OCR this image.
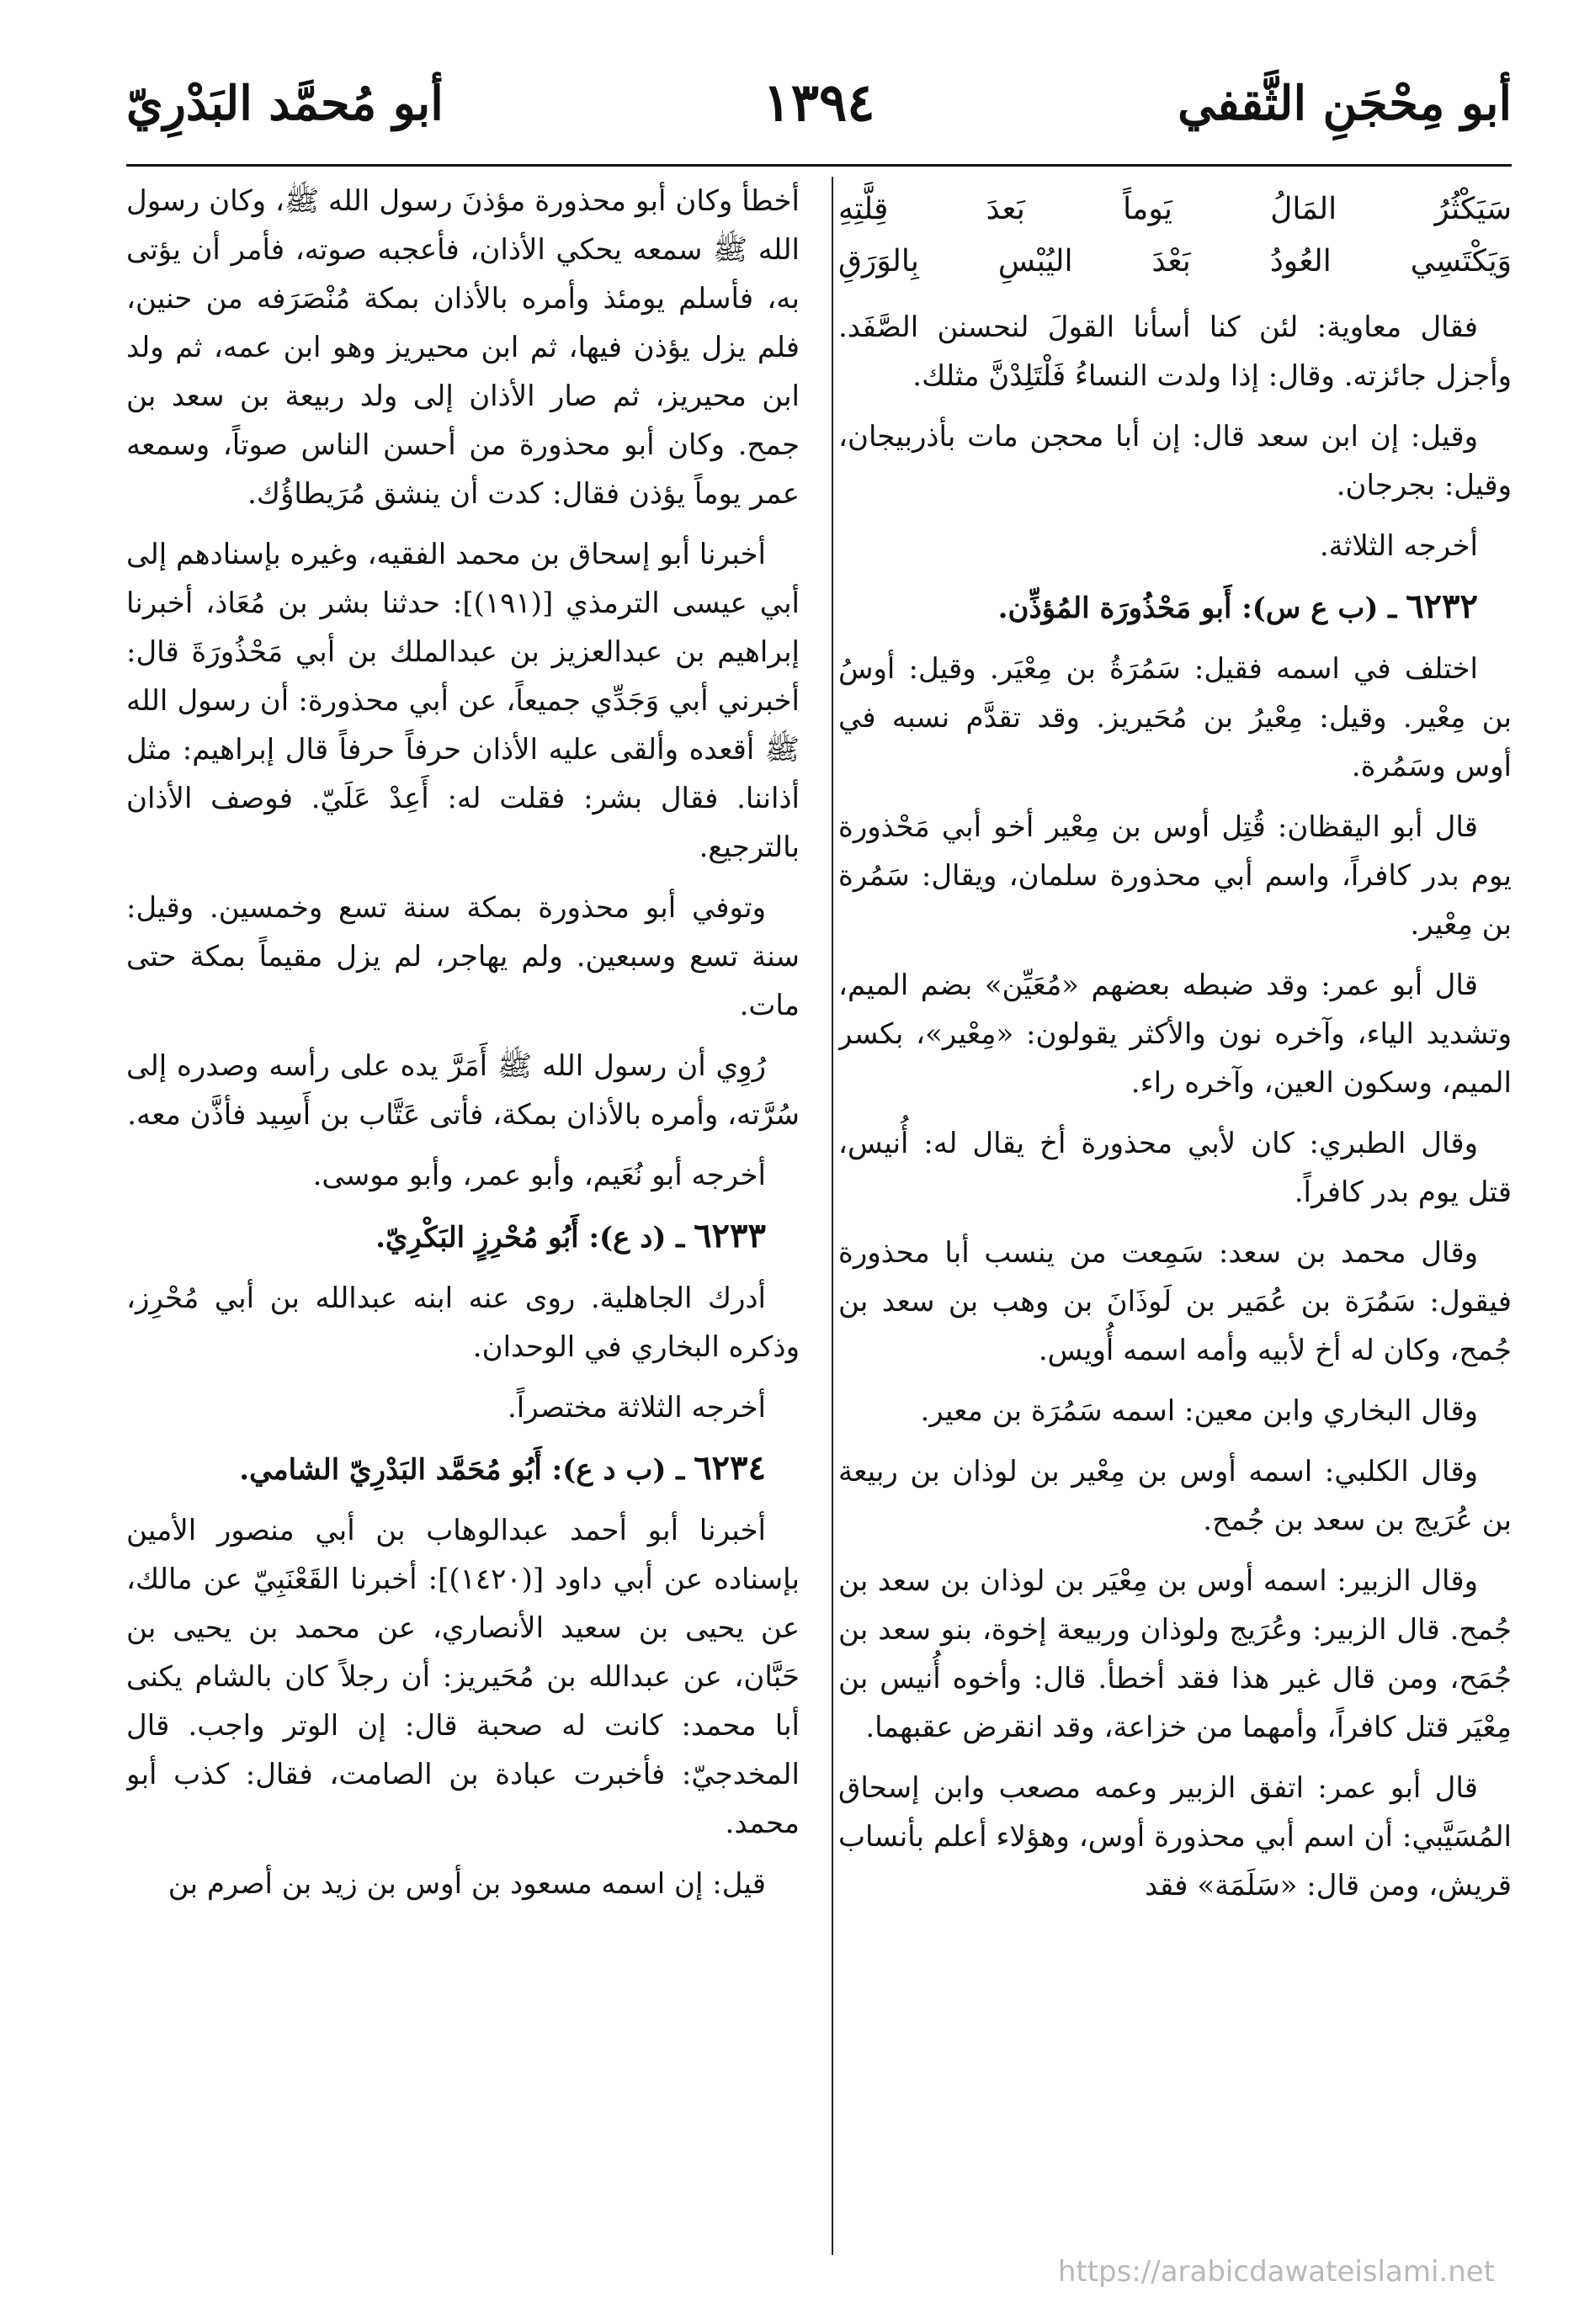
أبو مِحْجَنِ الثَّقفي
١٣٩٤
أبو مُحمَّد البَدْرِيّ
سَيَكْثُرُ المَالُ يَوماً بَعدَ قِلَّتِهِ
وَيَكْتَسِي العُودُ بَعْدَ اليُبْسِ بِالوَرَقِ

فقال معاوية: لئن كنا أسأنا القولَ لنحسنن الصَّفَد. وأجزل جائزته. وقال: إذا ولدت النساءُ فَلْتَلِدْنَّ مثلك.

وقيل: إن ابن سعد قال: إن أبا محجن مات بأذربيجان، وقيل: بجرجان.

أخرجه الثلاثة.

٦٢٣٢ ـ (ب ع س): أَبو مَحْذُورَة المُؤذِّن.

اختلف في اسمه فقيل: سَمُرَةُ بن مِعْيَر. وقيل: أوسُ بن مِعْير. وقيل: مِعْيرُ بن مُحَيريز. وقد تقدَّم نسبه في أوس وسَمُرة.

قال أبو اليقظان: قُتِل أوس بن مِعْير أخو أبي مَحْذورة يوم بدر كافراً، واسم أبي محذورة سلمان، ويقال: سَمُرة بن مِعْير.

قال أبو عمر: وقد ضبطه بعضهم «مُعَيِّن» بضم الميم، وتشديد الياء، وآخره نون والأكثر يقولون: «مِعْير»، بكسر الميم، وسكون العين، وآخره راء.

وقال الطبري: كان لأبي محذورة أخ يقال له: أُنيس، قتل يوم بدر كافراً.

وقال محمد بن سعد: سَمِعت من ينسب أبا محذورة فيقول: سَمُرَة بن عُمَير بن لَوذَانَ بن وهب بن سعد بن جُمح، وكان له أخ لأبيه وأمه اسمه أُويس.

وقال البخاري وابن معين: اسمه سَمُرَة بن معير.

وقال الكلبي: اسمه أوس بن مِعْير بن لوذان بن ربيعة بن عُرَيج بن سعد بن جُمح.

وقال الزبير: اسمه أوس بن مِعْيَر بن لوذان بن سعد بن جُمح. قال الزبير: وعُرَيج ولوذان وربيعة إخوة، بنو سعد بن جُمَح، ومن قال غير هذا فقد أخطأ. قال: وأخوه أُنيس بن مِعْيَر قتل كافراً، وأمهما من خزاعة، وقد انقرض عقبهما.

قال أبو عمر: اتفق الزبير وعمه مصعب وابن إسحاق المُسَيَّبي: أن اسم أبي محذورة أوس، وهؤلاء أعلم بأنساب قريش، ومن قال: «سَلَمَة» فقد

أخطأ وكان أبو محذورة مؤذنَ رسول الله ﷺ، وكان رسول الله ﷺ سمعه يحكي الأذان، فأعجبه صوته، فأمر أن يؤتى به، فأسلم يومئذ وأمره بالأذان بمكة مُنْصَرَفه من حنين، فلم يزل يؤذن فيها، ثم ابن محيريز وهو ابن عمه، ثم ولد ابن محيريز، ثم صار الأذان إلى ولد ربيعة بن سعد بن جمح. وكان أبو محذورة من أحسن الناس صوتاً، وسمعه عمر يوماً يؤذن فقال: كدت أن ينشق مُرَيطاؤُك.

أخبرنا أبو إسحاق بن محمد الفقيه، وغيره بإسنادهم إلى أبي عيسى الترمذي [(١٩١)]: حدثنا بشر بن مُعَاذ، أخبرنا إبراهيم بن عبدالعزيز بن عبدالملك بن أبي مَحْذُورَةَ قال: أخبرني أبي وَجَدِّي جميعاً، عن أبي محذورة: أن رسول الله ﷺ أقعده وألقى عليه الأذان حرفاً حرفاً قال إبراهيم: مثل أذاننا. فقال بشر: فقلت له: أَعِدْ عَلَيّ. فوصف الأذان بالترجيع.

وتوفي أبو محذورة بمكة سنة تسع وخمسين. وقيل: سنة تسع وسبعين. ولم يهاجر، لم يزل مقيماً بمكة حتى مات.

رُوِي أن رسول الله ﷺ أَمَرَّ يده على رأسه وصدره إلى سُرَّته، وأمره بالأذان بمكة، فأتى عَتَّاب بن أَسِيد فأذَّن معه.

أخرجه أبو نُعَيم، وأبو عمر، وأبو موسى.

٦٢٣٣ ـ (د ع): أَبُو مُحْرِزٍ البَكْرِيّ.

أدرك الجاهلية. روى عنه ابنه عبدالله بن أبي مُحْرِز، وذكره البخاري في الوحدان.

أخرجه الثلاثة مختصراً.

٦٢٣٤ ـ (ب د ع): أَبُو مُحَمَّد البَدْرِيّ الشامي.

أخبرنا أبو أحمد عبدالوهاب بن أبي منصور الأمين بإسناده عن أبي داود [(١٤٢٠)]: أخبرنا القَعْنَبِيّ عن مالك، عن يحيى بن سعيد الأنصاري، عن محمد بن يحيى بن حَبَّان، عن عبدالله بن مُحَيريز: أن رجلاً كان بالشام يكنى أبا محمد: كانت له صحبة قال: إن الوتر واجب. قال المخدجيّ: فأخبرت عبادة بن الصامت، فقال: كذب أبو محمد.

قيل: إن اسمه مسعود بن أوس بن زيد بن أصرم بن

https://arabicdawateislami.net
